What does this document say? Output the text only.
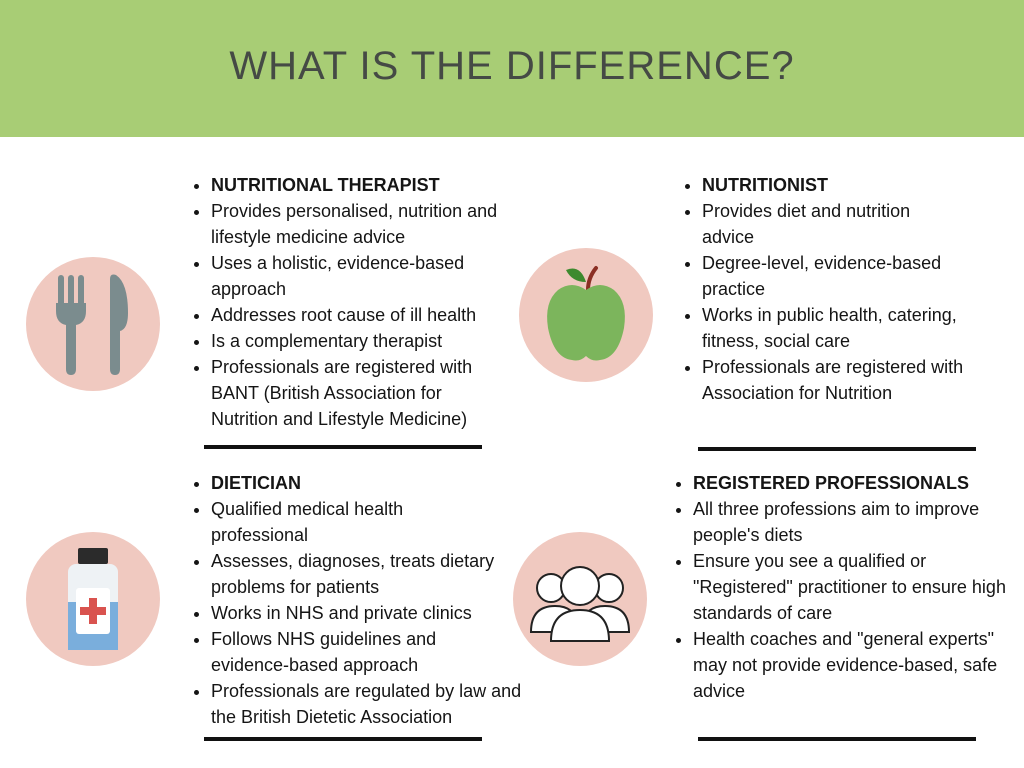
WHAT IS THE DIFFERENCE?
• NUTRITIONAL THERAPIST
• Provides personalised, nutrition and lifestyle medicine advice
• Uses a holistic, evidence-based approach
• Addresses root cause of ill health
• Is a complementary therapist
• Professionals are registered with BANT (British Association for Nutrition and Lifestyle Medicine)
• NUTRITIONIST
• Provides diet and nutrition advice
• Degree-level, evidence-based practice
• Works in public health, catering, fitness, social care
• Professionals are registered with Association for Nutrition
• DIETICIAN
• Qualified medical health professional
• Assesses, diagnoses, treats dietary problems for patients
• Works in NHS and private clinics
• Follows NHS guidelines and evidence-based approach
• Professionals are regulated by law and the British Dietetic Association
• REGISTERED PROFESSIONALS
• All three professions aim to improve people's diets
• Ensure you see a qualified or "Registered" practitioner to ensure high standards of care
• Health coaches and "general experts" may not provide evidence-based, safe advice
